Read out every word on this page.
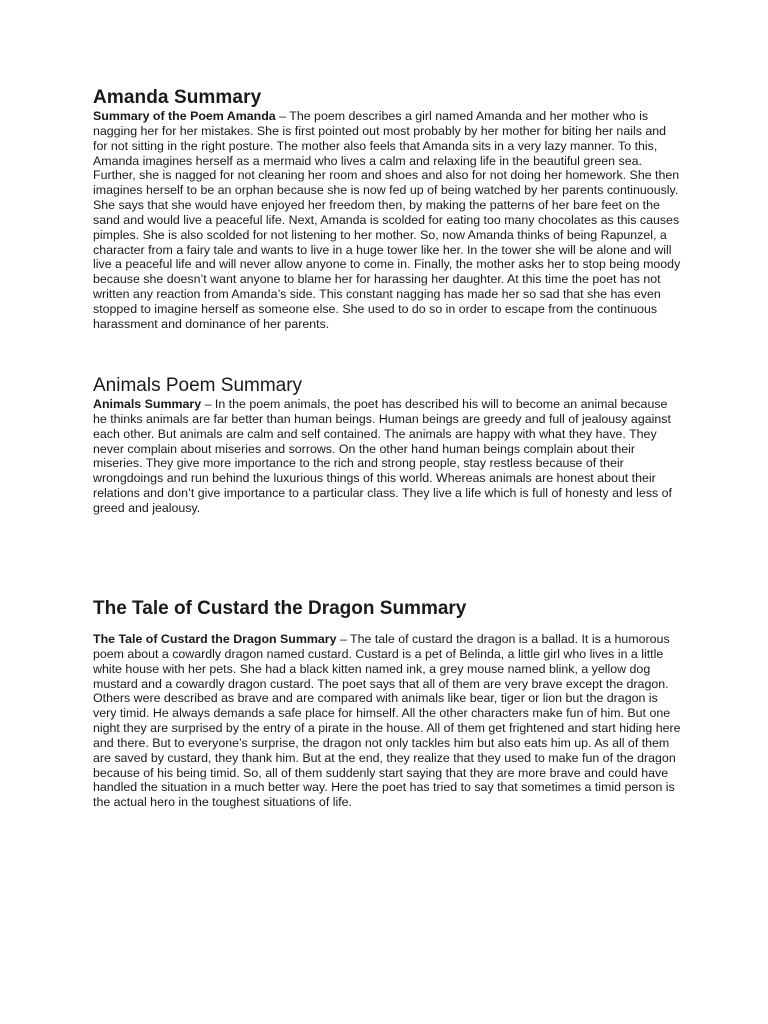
Amanda Summary

Summary of the Poem Amanda – The poem describes a girl named Amanda and her mother who is nagging her for her mistakes. She is first pointed out most probably by her mother for biting her nails and for not sitting in the right posture. The mother also feels that Amanda sits in a very lazy manner. To this, Amanda imagines herself as a mermaid who lives a calm and relaxing life in the beautiful green sea. Further, she is nagged for not cleaning her room and shoes and also for not doing her homework. She then imagines herself to be an orphan because she is now fed up of being watched by her parents continuously. She says that she would have enjoyed her freedom then, by making the patterns of her bare feet on the sand and would live a peaceful life. Next, Amanda is scolded for eating too many chocolates as this causes pimples. She is also scolded for not listening to her mother. So, now Amanda thinks of being Rapunzel, a character from a fairy tale and wants to live in a huge tower like her. In the tower she will be alone and will live a peaceful life and will never allow anyone to come in. Finally, the mother asks her to stop being moody because she doesn’t want anyone to blame her for harassing her daughter. At this time the poet has not written any reaction from Amanda’s side. This constant nagging has made her so sad that she has even stopped to imagine herself as someone else. She used to do so in order to escape from the continuous harassment and dominance of her parents.

Animals Poem Summary

Animals Summary – In the poem animals, the poet has described his will to become an animal because he thinks animals are far better than human beings. Human beings are greedy and full of jealousy against each other. But animals are calm and self contained. The animals are happy with what they have. They never complain about miseries and sorrows. On the other hand human beings complain about their miseries. They give more importance to the rich and strong people, stay restless because of their wrongdoings and run behind the luxurious things of this world. Whereas animals are honest about their relations and don’t give importance to a particular class. They live a life which is full of honesty and less of greed and jealousy.

The Tale of Custard the Dragon Summary

The Tale of Custard the Dragon Summary – The tale of custard the dragon is a ballad. It is a humorous poem about a cowardly dragon named custard. Custard is a pet of Belinda, a little girl who lives in a little white house with her pets. She had a black kitten named ink, a grey mouse named blink, a yellow dog mustard and a cowardly dragon custard. The poet says that all of them are very brave except the dragon. Others were described as brave and are compared with animals like bear, tiger or lion but the dragon is very timid. He always demands a safe place for himself. All the other characters make fun of him. But one night they are surprised by the entry of a pirate in the house. All of them get frightened and start hiding here and there. But to everyone’s surprise, the dragon not only tackles him but also eats him up. As all of them are saved by custard, they thank him. But at the end, they realize that they used to make fun of the dragon because of his being timid. So, all of them suddenly start saying that they are more brave and could have handled the situation in a much better way. Here the poet has tried to say that sometimes a timid person is the actual hero in the toughest situations of life.
